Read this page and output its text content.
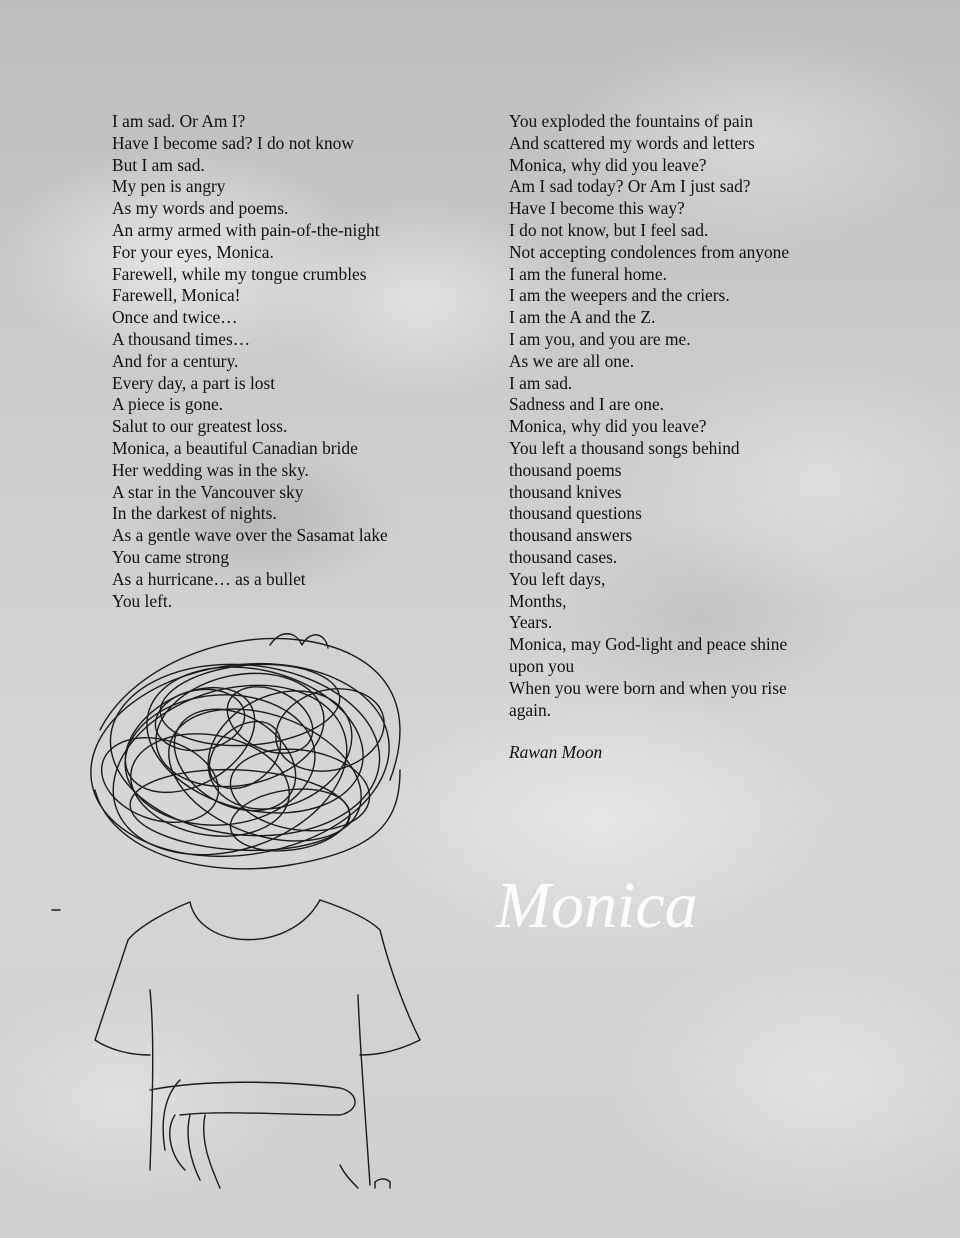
I am sad. Or Am I?
Have I become sad? I do not know
But I am sad.
My pen is angry
As my words and poems.
An army armed with pain-of-the-night
For your eyes, Monica.
Farewell, while my tongue crumbles
Farewell, Monica!
Once and twice…
A thousand times…
And for a century.
Every day, a part is lost
A piece is gone.
Salut to our greatest loss.
Monica, a beautiful Canadian bride
Her wedding was in the sky.
A star in the Vancouver sky
In the darkest of nights.
As a gentle wave over the Sasamat lake
You came strong
As a hurricane… as a bullet
You left.
You exploded the fountains of pain
And scattered my words and letters
Monica, why did you leave?
Am I sad today? Or Am I just sad?
Have I become this way?
I do not know, but I feel sad.
Not accepting condolences from anyone
I am the funeral home.
I am the weepers and the criers.
I am the A and the Z.
I am you, and you are me.
As we are all one.
I am sad.
Sadness and I are one.
Monica, why did you leave?
You left a thousand songs behind
thousand poems
thousand knives
thousand questions
thousand answers
thousand cases.
You left days,
Months,
Years.
Monica, may God-light and peace shine
upon you
When you were born and when you rise
again.
Rawan Moon
Monica
